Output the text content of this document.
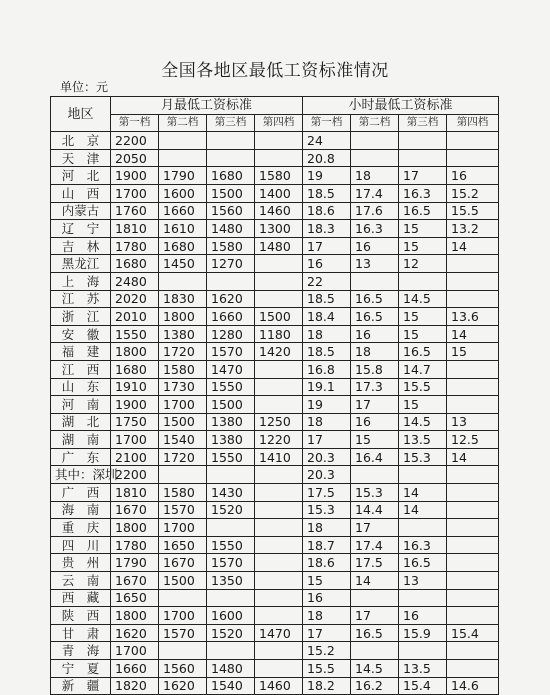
全国各地区最低工资标准情况
单位：元
地区	月最低工资标准				小时最低工资标准			
	第一档	第二档	第三档	第四档	第一档	第二档	第三档	第四档
北　京	2200				24			
天　津	2050				20.8			
河　北	1900	1790	1680	1580	19	18	17	16
山　西	1700	1600	1500	1400	18.5	17.4	16.3	15.2
内蒙古	1760	1660	1560	1460	18.6	17.6	16.5	15.5
辽　宁	1810	1610	1480	1300	18.3	16.3	15	13.2
吉　林	1780	1680	1580	1480	17	16	15	14
黑龙江	1680	1450	1270		16	13	12	
上　海	2480				22			
江　苏	2020	1830	1620		18.5	16.5	14.5	
浙　江	2010	1800	1660	1500	18.4	16.5	15	13.6
安　徽	1550	1380	1280	1180	18	16	15	14
福　建	1800	1720	1570	1420	18.5	18	16.5	15
江　西	1680	1580	1470		16.8	15.8	14.7	
山　东	1910	1730	1550		19.1	17.3	15.5	
河　南	1900	1700	1500		19	17	15	
湖　北	1750	1500	1380	1250	18	16	14.5	13
湖　南	1700	1540	1380	1220	17	15	13.5	12.5
广　东	2100	1720	1550	1410	20.3	16.4	15.3	14
其中：深圳	2200				20.3			
广　西	1810	1580	1430		17.5	15.3	14	
海　南	1670	1570	1520		15.3	14.4	14	
重　庆	1800	1700			18	17		
四　川	1780	1650	1550		18.7	17.4	16.3	
贵　州	1790	1670	1570		18.6	17.5	16.5	
云　南	1670	1500	1350		15	14	13	
西　藏	1650				16			
陕　西	1800	1700	1600		18	17	16	
甘　肃	1620	1570	1520	1470	17	16.5	15.9	15.4
青　海	1700				15.2			
宁　夏	1660	1560	1480		15.5	14.5	13.5	
新　疆	1820	1620	1540	1460	18.2	16.2	15.4	14.6
